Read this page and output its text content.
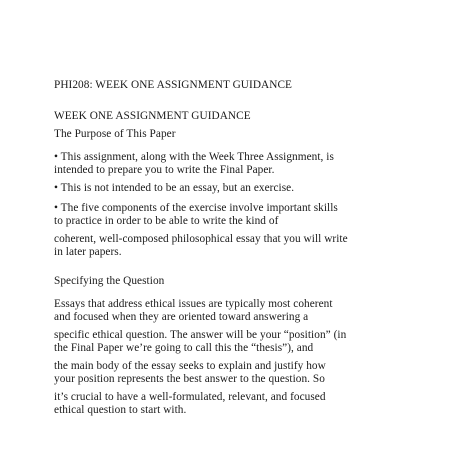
PHI208: WEEK ONE ASSIGNMENT GUIDANCE

WEEK ONE ASSIGNMENT GUIDANCE

The Purpose of This Paper

• This assignment, along with the Week Three Assignment, is

intended to prepare you to write the Final Paper.

• This is not intended to be an essay, but an exercise.

• The five components of the exercise involve important skills

to practice in order to be able to write the kind of

coherent, well-composed philosophical essay that you will write

in later papers.

Specifying the Question

Essays that address ethical issues are typically most coherent

and focused when they are oriented toward answering a

specific ethical question. The answer will be your “position” (in

the Final Paper we’re going to call this the “thesis”), and

the main body of the essay seeks to explain and justify how

your position represents the best answer to the question. So

it’s crucial to have a well-formulated, relevant, and focused

ethical question to start with.
